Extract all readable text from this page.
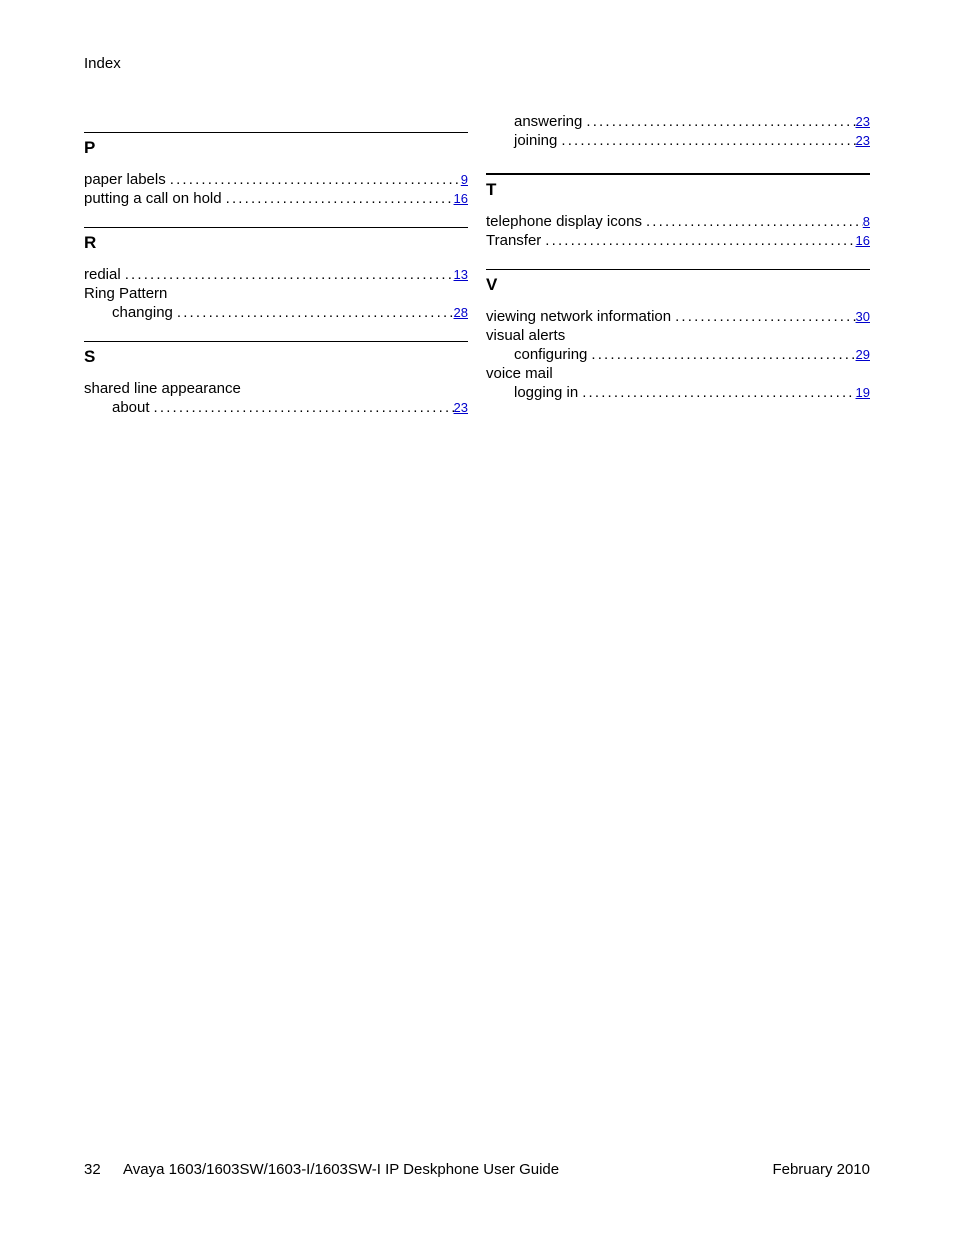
Index
P
paper labels . . .	9
putting a call on hold . . .	16
R
redial . . .	13
Ring Pattern
changing . . .	28
S
shared line appearance
about . . .	23
answering . . .	23
joining . . .	23
T
telephone display icons . . .	8
Transfer . . .	16
V
viewing network information . . .	30
visual alerts
configuring . . .	29
voice mail
logging in . . .	19
32 Avaya 1603/1603SW/1603-I/1603SW-I IP Deskphone User Guide	February 2010
